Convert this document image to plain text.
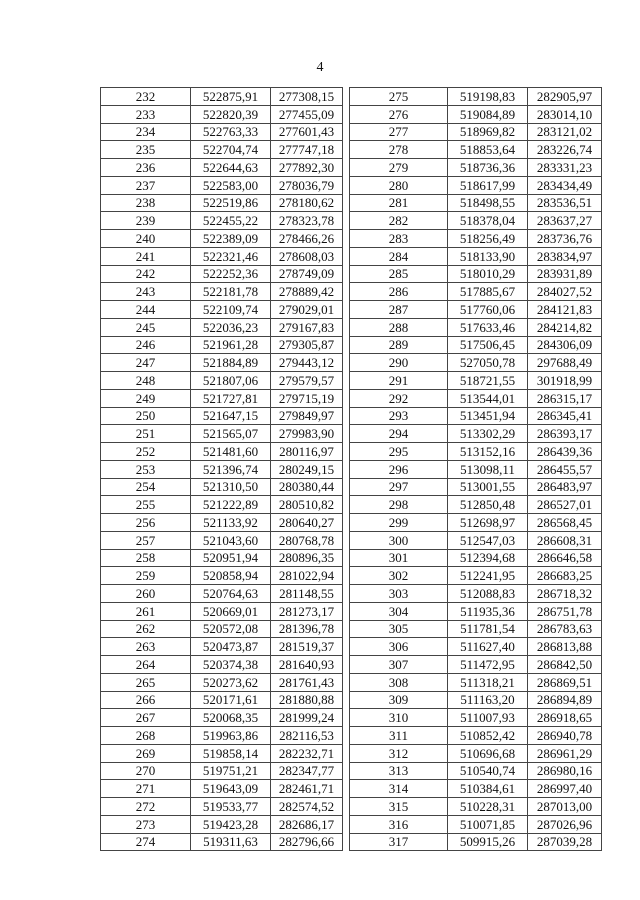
4
232	522875,91	277308,15
233	522820,39	277455,09
234	522763,33	277601,43
235	522704,74	277747,18
236	522644,63	277892,30
237	522583,00	278036,79
238	522519,86	278180,62
239	522455,22	278323,78
240	522389,09	278466,26
241	522321,46	278608,03
242	522252,36	278749,09
243	522181,78	278889,42
244	522109,74	279029,01
245	522036,23	279167,83
246	521961,28	279305,87
247	521884,89	279443,12
248	521807,06	279579,57
249	521727,81	279715,19
250	521647,15	279849,97
251	521565,07	279983,90
252	521481,60	280116,97
253	521396,74	280249,15
254	521310,50	280380,44
255	521222,89	280510,82
256	521133,92	280640,27
257	521043,60	280768,78
258	520951,94	280896,35
259	520858,94	281022,94
260	520764,63	281148,55
261	520669,01	281273,17
262	520572,08	281396,78
263	520473,87	281519,37
264	520374,38	281640,93
265	520273,62	281761,43
266	520171,61	281880,88
267	520068,35	281999,24
268	519963,86	282116,53
269	519858,14	282232,71
270	519751,21	282347,77
271	519643,09	282461,71
272	519533,77	282574,52
273	519423,28	282686,17
274	519311,63	282796,66
275	519198,83	282905,97
276	519084,89	283014,10
277	518969,82	283121,02
278	518853,64	283226,74
279	518736,36	283331,23
280	518617,99	283434,49
281	518498,55	283536,51
282	518378,04	283637,27
283	518256,49	283736,76
284	518133,90	283834,97
285	518010,29	283931,89
286	517885,67	284027,52
287	517760,06	284121,83
288	517633,46	284214,82
289	517506,45	284306,09
290	527050,78	297688,49
291	518721,55	301918,99
292	513544,01	286315,17
293	513451,94	286345,41
294	513302,29	286393,17
295	513152,16	286439,36
296	513098,11	286455,57
297	513001,55	286483,97
298	512850,48	286527,01
299	512698,97	286568,45
300	512547,03	286608,31
301	512394,68	286646,58
302	512241,95	286683,25
303	512088,83	286718,32
304	511935,36	286751,78
305	511781,54	286783,63
306	511627,40	286813,88
307	511472,95	286842,50
308	511318,21	286869,51
309	511163,20	286894,89
310	511007,93	286918,65
311	510852,42	286940,78
312	510696,68	286961,29
313	510540,74	286980,16
314	510384,61	286997,40
315	510228,31	287013,00
316	510071,85	287026,96
317	509915,26	287039,28
